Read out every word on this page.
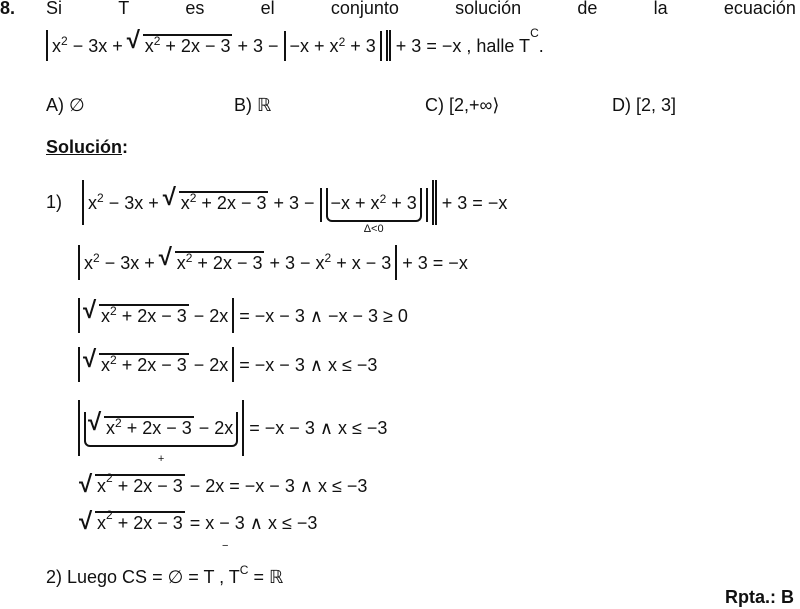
8. Si	T	es	el	conjunto	solución	de	la	ecuación
$x^2 - 3x$ + √ $x^2 + 2x - 3 + 3 - -x + x^2 + 3 + 3 = -x$ , halle $T^C$.
A) ∅	B) ℝ	C) [2,+∞⟩	D) [2, 3]
Solución:
1)	$x^2 - 3x$ + √ $x^2 + 2x - 3 + 3 - -x + x^2 + 3$
Δ<0
+ 3 = −x
$x^2 - 3x$ + √ $x^2 + 2x - 3 + 3 - x^2 + x - 3 + 3 = -x$
√ $x^2 + 2x - 3 - 2x = -x - 3$ ∧ −x − 3 ≥ 0
√ $x^2 + 2x - 3 - 2x = -x - 3$ ∧ x ≤ −3
√ $x^2 + 2x - 3 - 2x$
+
= −x − 3 ∧ x ≤ −3
√ $x^2 + 2x - 3 - 2x = -x - 3$ ∧ x ≤ −3
√ $x^2 + 2x - 3 = x - 3$ ∧ x ≤ −3
−
2) Luego CS = ∅ = T , $T^C$ = ℝ
Rpta.: B
